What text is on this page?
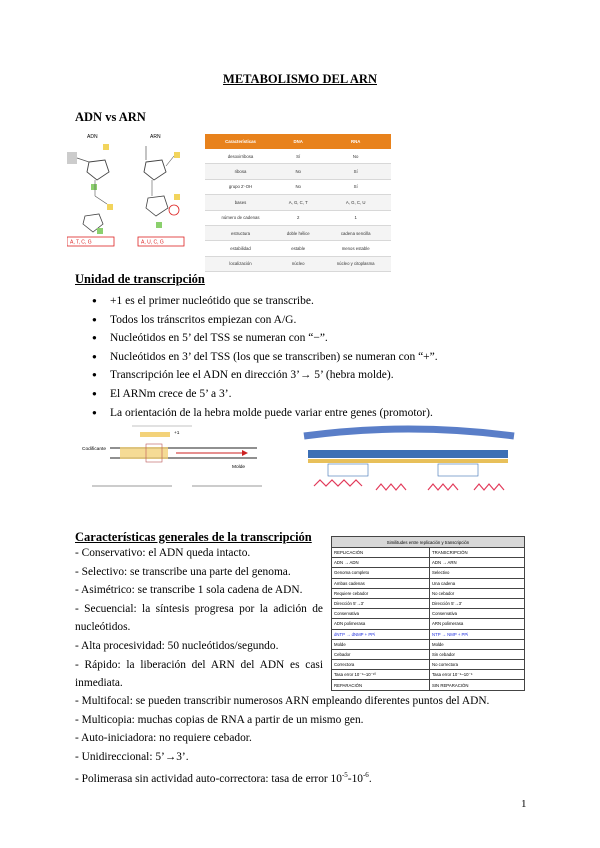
METABOLISMO DEL ARN
ADN vs ARN
ADN
A, T, C, G
ARN
A, U, C, G
Características	DNA	RNA
desoxirribosa	Sí	No
ribosa	No	Sí
grupo 2'-OH	No	Sí
bases	A, G, C, T	A, G, C, U
número de cadenas	2	1
estructura	doble hélice	cadena sencilla
estabilidad	estable	menos estable
localización	núcleo	núcleo y citoplasma
Unidad de transcripción
● +1 es el primer nucleótido que se transcribe.
● Todos los tránscritos empiezan con A/G.
● Nucleótidos en 5’ del TSS se numeran con “−”.
● Nucleótidos en 3’ del TSS (los que se transcriben) se numeran con “+”.
● Transcripción lee el ADN en dirección 3’→ 5’ (hebra molde).
● El ARNm crece de 5’ a 3’.
● La orientación de la hebra molde puede variar entre genes (promotor).
Codificante
+1
Molde
Características generales de la transcripción
- Conservativo: el ADN queda intacto.
- Selectivo: se transcribe una parte del genoma.
- Asimétrico: se transcribe 1 sola cadena de ADN.
- Secuencial: la síntesis progresa por la adición de
nucleótidos.
- Alta procesividad: 50 nucleótidos/segundo.
- Rápido: la liberación del ARN del ADN es casi
inmediata.
- Multifocal: se pueden transcribir numerosos ARN empleando diferentes puntos del ADN.
- Multicopia: muchas copias de RNA a partir de un mismo gen.
- Auto-iniciadora: no requiere cebador.
- Unidireccional: 5’→3’.
- Polimerasa sin actividad auto-correctora: tasa de error $10^{-5}-10^{-6}$.
Similitudes entre replicación y transcripción	
REPLICACIÓN	TRANSCRIPCIÓN
ADN → ADN	ADN → ARN
Genoma completo	Selectivo
Ambas cadenas	Una cadena
Requiere cebador	No cebador
Dirección 5'→3'	Dirección 5'→3'
Conservativa	Conservativa
ADN polimerasa	ARN polimerasa
dNTP → dNMP + PPi	NTP → NMP + PPi
Molde	Molde
Cebador	Sin cebador
Correctora	No correctora
Tasa error 10⁻⁹–10⁻¹⁰	Tasa error 10⁻⁵–10⁻⁶
REPARACIÓN	SIN REPARACIÓN
1
